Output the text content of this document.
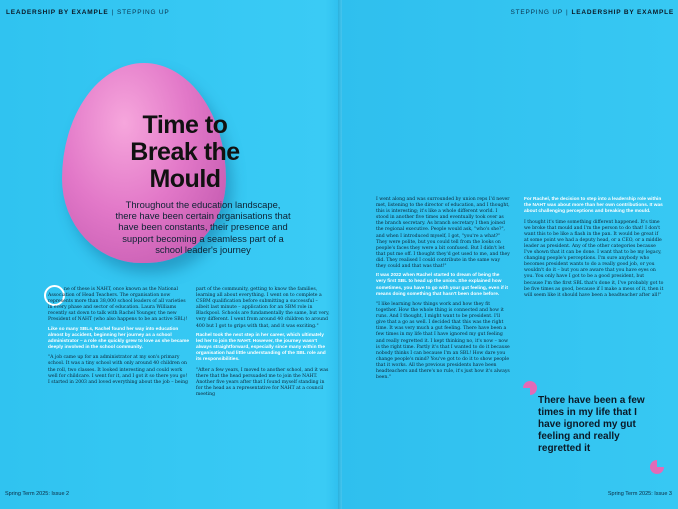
LEADERSHIP BY EXAMPLE | STEPPING UP	STEPPING UP | LEADERSHIP BY EXAMPLE
Time to
Break the
Mould
Throughout the education landscape, there have been certain organisations that have been constants, their presence and support becoming a seamless part of a school leader's journey

ne of these is NAHT, once known as the National Association of Head Teachers. The organisation now represents more than 38,000 school leaders of all varieties in every phase and sector of education. Laura Williams recently sat down to talk with Rachel Younger, the new President of NAHT (who also happens to be an active SBL)!

Like so many SBLs, Rachel found her way into education almost by accident, beginning her journey as a school administrator – a role she quickly grew to love as she became deeply involved in the school community.

"A job came up for an administrator at my son's primary school. It was a tiny school with only around 40 children on the roll, two classes. It looked interesting and could work well for childcare. I went for it, and I got it so there you go! I started in 2003 and loved everything about the job – being

part of the community, getting to know the families, learning all about everything. I went on to complete a CSBM qualification before submitting a successful – albeit last minute – application for an SBM role in Blackpool. Schools are fundamentally the same, but very, very different. I went from around 40 children to around 400 but I got to grips with that, and it was exciting."

Rachel took the next step in her career, which ultimately led her to join the NAHT. However, the journey wasn't always straightforward, especially since many within the organisation had little understanding of the SBL role and its responsibilities.

"After a few years, I moved to another school, and it was there that the head persuaded me to join the NAHT. Another five years after that I found myself standing in for the head as a representative for NAHT at a council meeting

I went along and was surrounded by union reps I'd never met, listening to the director of education, and I thought, this is interesting; it's like a whole different world. I stood in another five times and eventually took over as the branch secretary. As branch secretary I then joined the regional executive. People would ask, "who's she?", and when I introduced myself, I got, "you're a what?" They were polite, but you could tell from the looks on people's faces they were a bit confused. But I didn't let that put me off. I thought they'd get used to me, and they did. They realised I could contribute in the same way they could and that was that!"

It was 2022 when Rachel started to dream of being the very first SBL to head up the union. She explained how sometimes, you have to go with your gut feeling, even if it means doing something that hasn't been done before.

"I like learning how things work and how they fit together. How the whole thing is connected and how it runs. And I thought, I might want to be president. I'll give that a go as well. I decided that this was the right time. It was very much a gut feeling. There have been a few times in my life that I have ignored my gut feeling and really regretted it. I kept thinking no, it's now – now is the right time. Partly it's that I wanted to do it because nobody thinks I can because I'm an SBL! How dare you change people's mind? You've got to do it to show people that it works. All the previous presidents have been headteachers and there's no rule, it's just how it's always been."

For Rachel, the decision to step into a leadership role within the NAHT was about more than her own contributions. It was about challenging perceptions and breaking the mould.

I thought it's time something different happened. It's time we broke that mould and I'm the person to do that! I don't want this to be like a flash in the pan. It would be great if at some point we had a deputy head, or a CEO, or a middle leader as president. Any of the other categories because I've shown that it can be done. I want that to be my legacy, changing people's perceptions. I'm sure anybody who becomes president wants to do a really good job, or you wouldn't do it – but you are aware that you have eyes on you. You only have I got to be a good president, but because I'm the first SBL that's done it, I've probably got to be five times as good, because if I make a mess of it, then it will seem like it should have been a headteacher after all!"

There have been a few times in my life that I have ignored my gut feeling and really regretted it
Spring Term 2025: Issue 2	Spring Term 2025: Issue 3
